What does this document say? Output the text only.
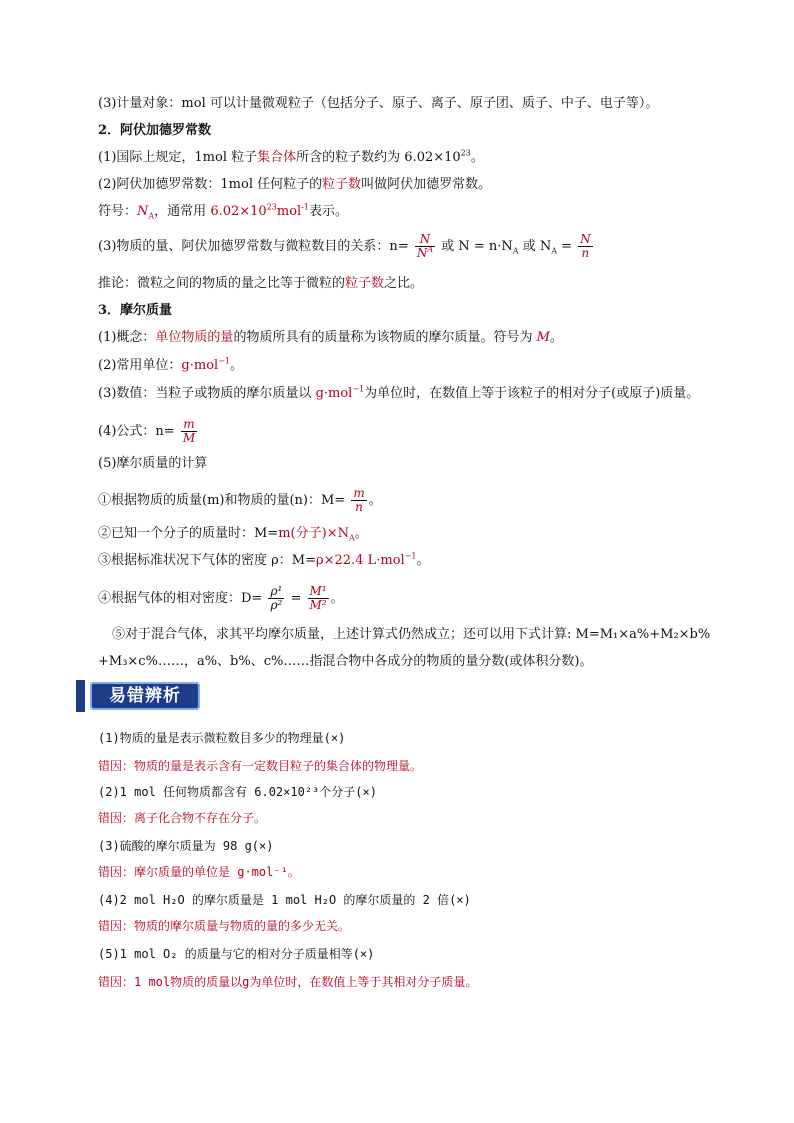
(3)计量对象：mol 可以计量微观粒子（包括分子、原子、离子、原子团、质子、中子、电子等）。
2．阿伏加德罗常数
(1)国际上规定，1mol 粒子集合体所含的粒子数约为 $6.02\times 10^{23}$。
(2)阿伏加德罗常数：1mol 任何粒子的粒子数叫做阿伏加德罗常数。
符号：$N_A$，通常用 $6.02\times 10^{23}mol^{-1}$表示。
(3)物质的量、阿伏加德罗常数与微粒数目的关系：$n= \frac{N}{N^A}$ 或 $N = n\cdot N_A$ 或 $N_A = \frac{N}{n}$
推论：微粒之间的物质的量之比等于微粒的粒子数之比。
3．摩尔质量
(1)概念：单位物质的量的物质所具有的质量称为该物质的摩尔质量。符号为 M。
(2)常用单位：g·mol$^{-1}$。
(3)数值：当粒子或物质的摩尔质量以 g·mol$^{-1}$为单位时，在数值上等于该粒子的相对分子(或原子)质量。
(4)公式：$n= \frac{m}{M}$
(5)摩尔质量的计算
①根据物质的质量(m)和物质的量(n)：$M= \frac{m}{n}$ 。
②已知一个分子的质量时：M=m(分子)$\times N_A$。
③根据标准状况下气体的密度 ρ：M=ρ×22.4 L·mol$^{-1}$。
④根据气体的相对密度：$D= \frac{\text{ρ¹}}{\text{ρ²}} = \frac{\text{M¹}}{\text{M²}}$ 。
⑤对于混合气体，求其平均摩尔质量，上述计算式仍然成立；还可以用下式计算: M=M₁×a%+M₂×b%
+M₃×c%……，a%、b%、c%……指混合物中各成分的物质的量分数(或体积分数)。
易错辨析
(1)物质的量是表示微粒数目多少的物理量(×)
错因：物质的量是表示含有一定数目粒子的集合体的物理量。
(2)1 mol 任何物质都含有 6.02×10²³个分子(×)
错因：离子化合物不存在分子。
(3)硫酸的摩尔质量为 98 g(×)
错因：摩尔质量的单位是 g·mol⁻¹。
(4)2 mol H₂O 的摩尔质量是 1 mol H₂O 的摩尔质量的 2 倍(×)
错因：物质的摩尔质量与物质的量的多少无关。
(5)1 mol O₂ 的质量与它的相对分子质量相等(×)
错因：1 mol物质的质量以g为单位时，在数值上等于其相对分子质量。
